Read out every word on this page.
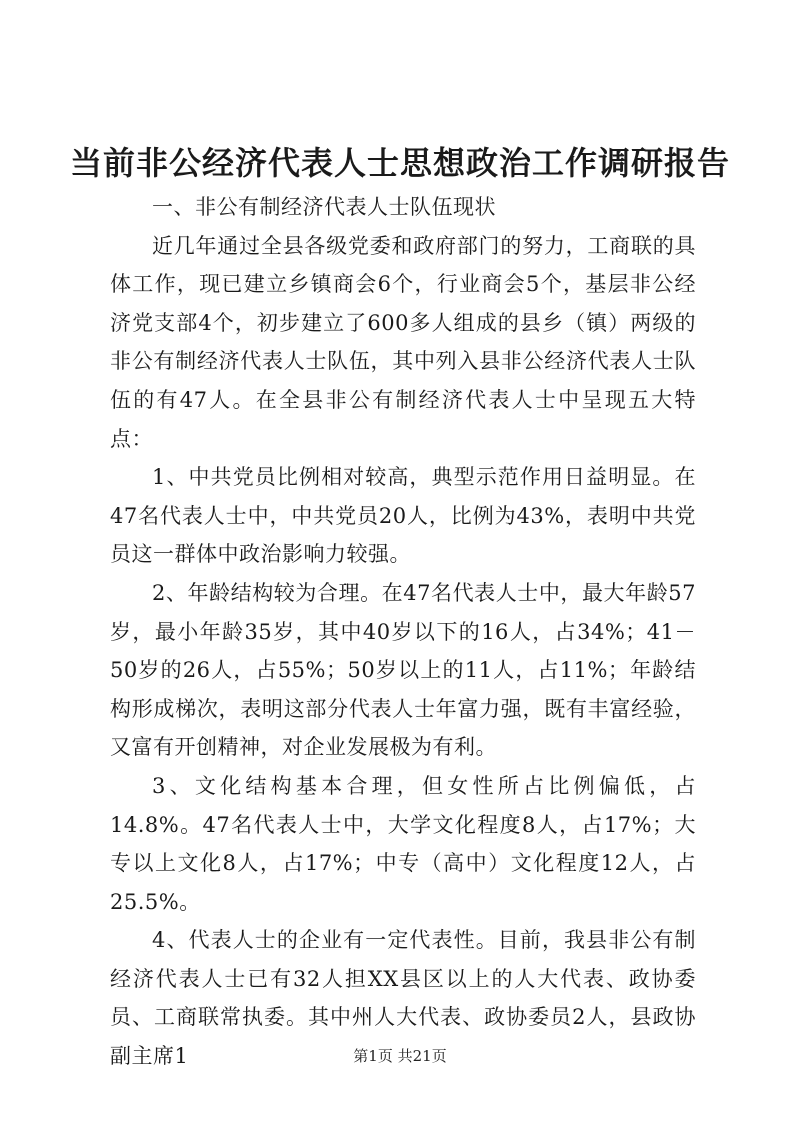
当前非公经济代表人士思想政治工作调研报告

一、非公有制经济代表人士队伍现状

近几年通过全县各级党委和政府部门的努力，工商联的具体工作，现已建立乡镇商会6个，行业商会5个，基层非公经济党支部4个，初步建立了600多人组成的县乡（镇）两级的非公有制经济代表人士队伍，其中列入县非公经济代表人士队伍的有47人。在全县非公有制经济代表人士中呈现五大特点：

1、中共党员比例相对较高，典型示范作用日益明显。在47名代表人士中，中共党员20人，比例为43%，表明中共党员这一群体中政治影响力较强。

2、年龄结构较为合理。在47名代表人士中，最大年龄57岁，最小年龄35岁，其中40岁以下的16人，占34%；41－50岁的26人，占55%；50岁以上的11人，占11%；年龄结构形成梯次，表明这部分代表人士年富力强，既有丰富经验，又富有开创精神，对企业发展极为有利。

3、文化结构基本合理，但女性所占比例偏低，占14.8%。47名代表人士中，大学文化程度8人，占17%；大专以上文化8人，占17%；中专（高中）文化程度12人，占25.5%。

4、代表人士的企业有一定代表性。目前，我县非公有制经济代表人士已有32人担XX县区以上的人大代表、政协委员、工商联常执委。其中州人大代表、政协委员2人，县政协副主席1	第1页 共21页
